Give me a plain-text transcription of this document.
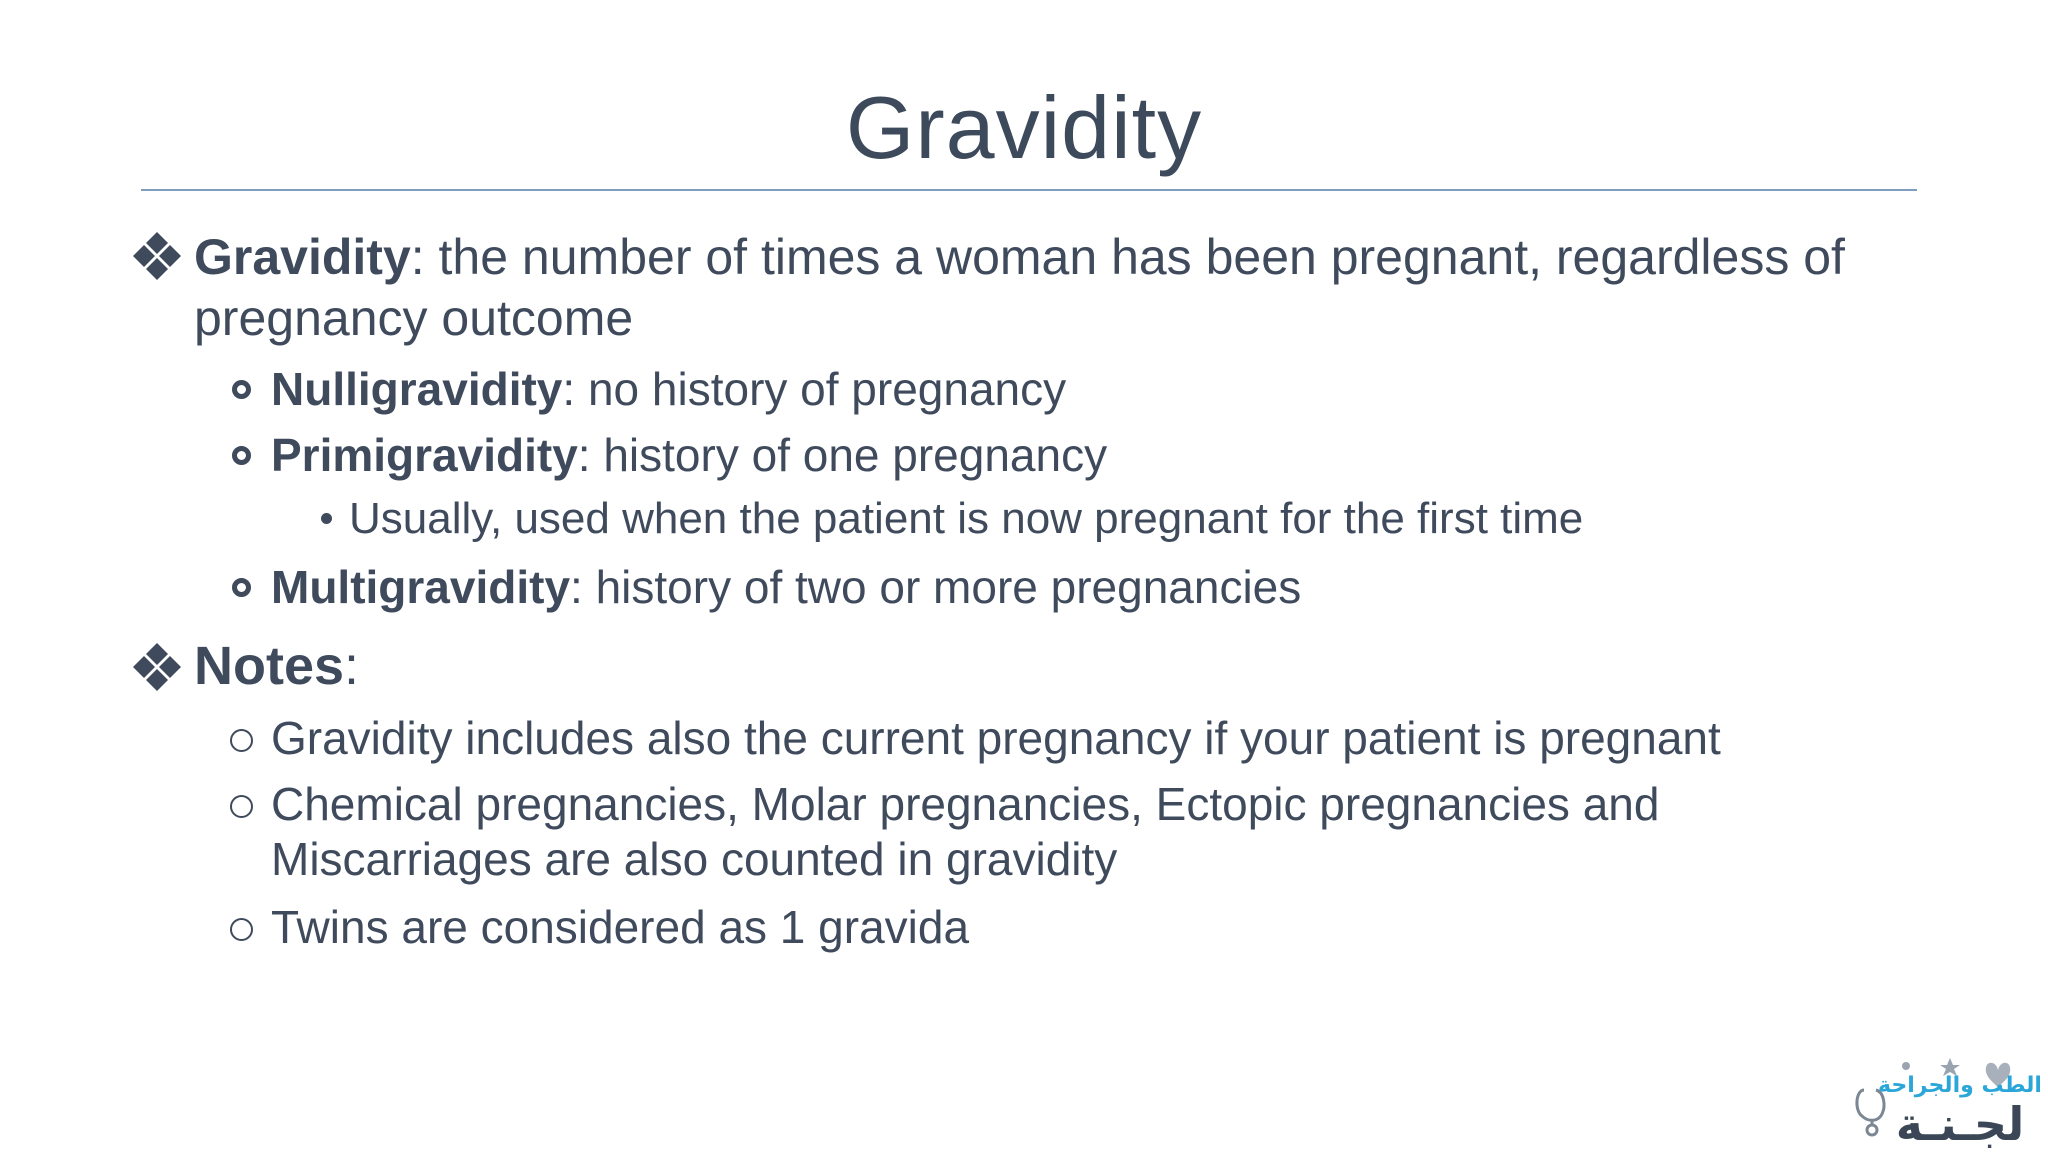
Gravidity
Gravidity: the number of times a woman has been pregnant, regardless of
pregnancy outcome
Nulligravidity: no history of pregnancy
Primigravidity: history of one pregnancy
Usually, used when the patient is now pregnant for the first time
Multigravidity: history of two or more pregnancies
Notes:
Gravidity includes also the current pregnancy if your patient is pregnant
Chemical pregnancies, Molar pregnancies, Ectopic pregnancies and
Miscarriages are also counted in gravidity
Twins are considered as 1 gravida
الطب والجراحة
لجـنـة
